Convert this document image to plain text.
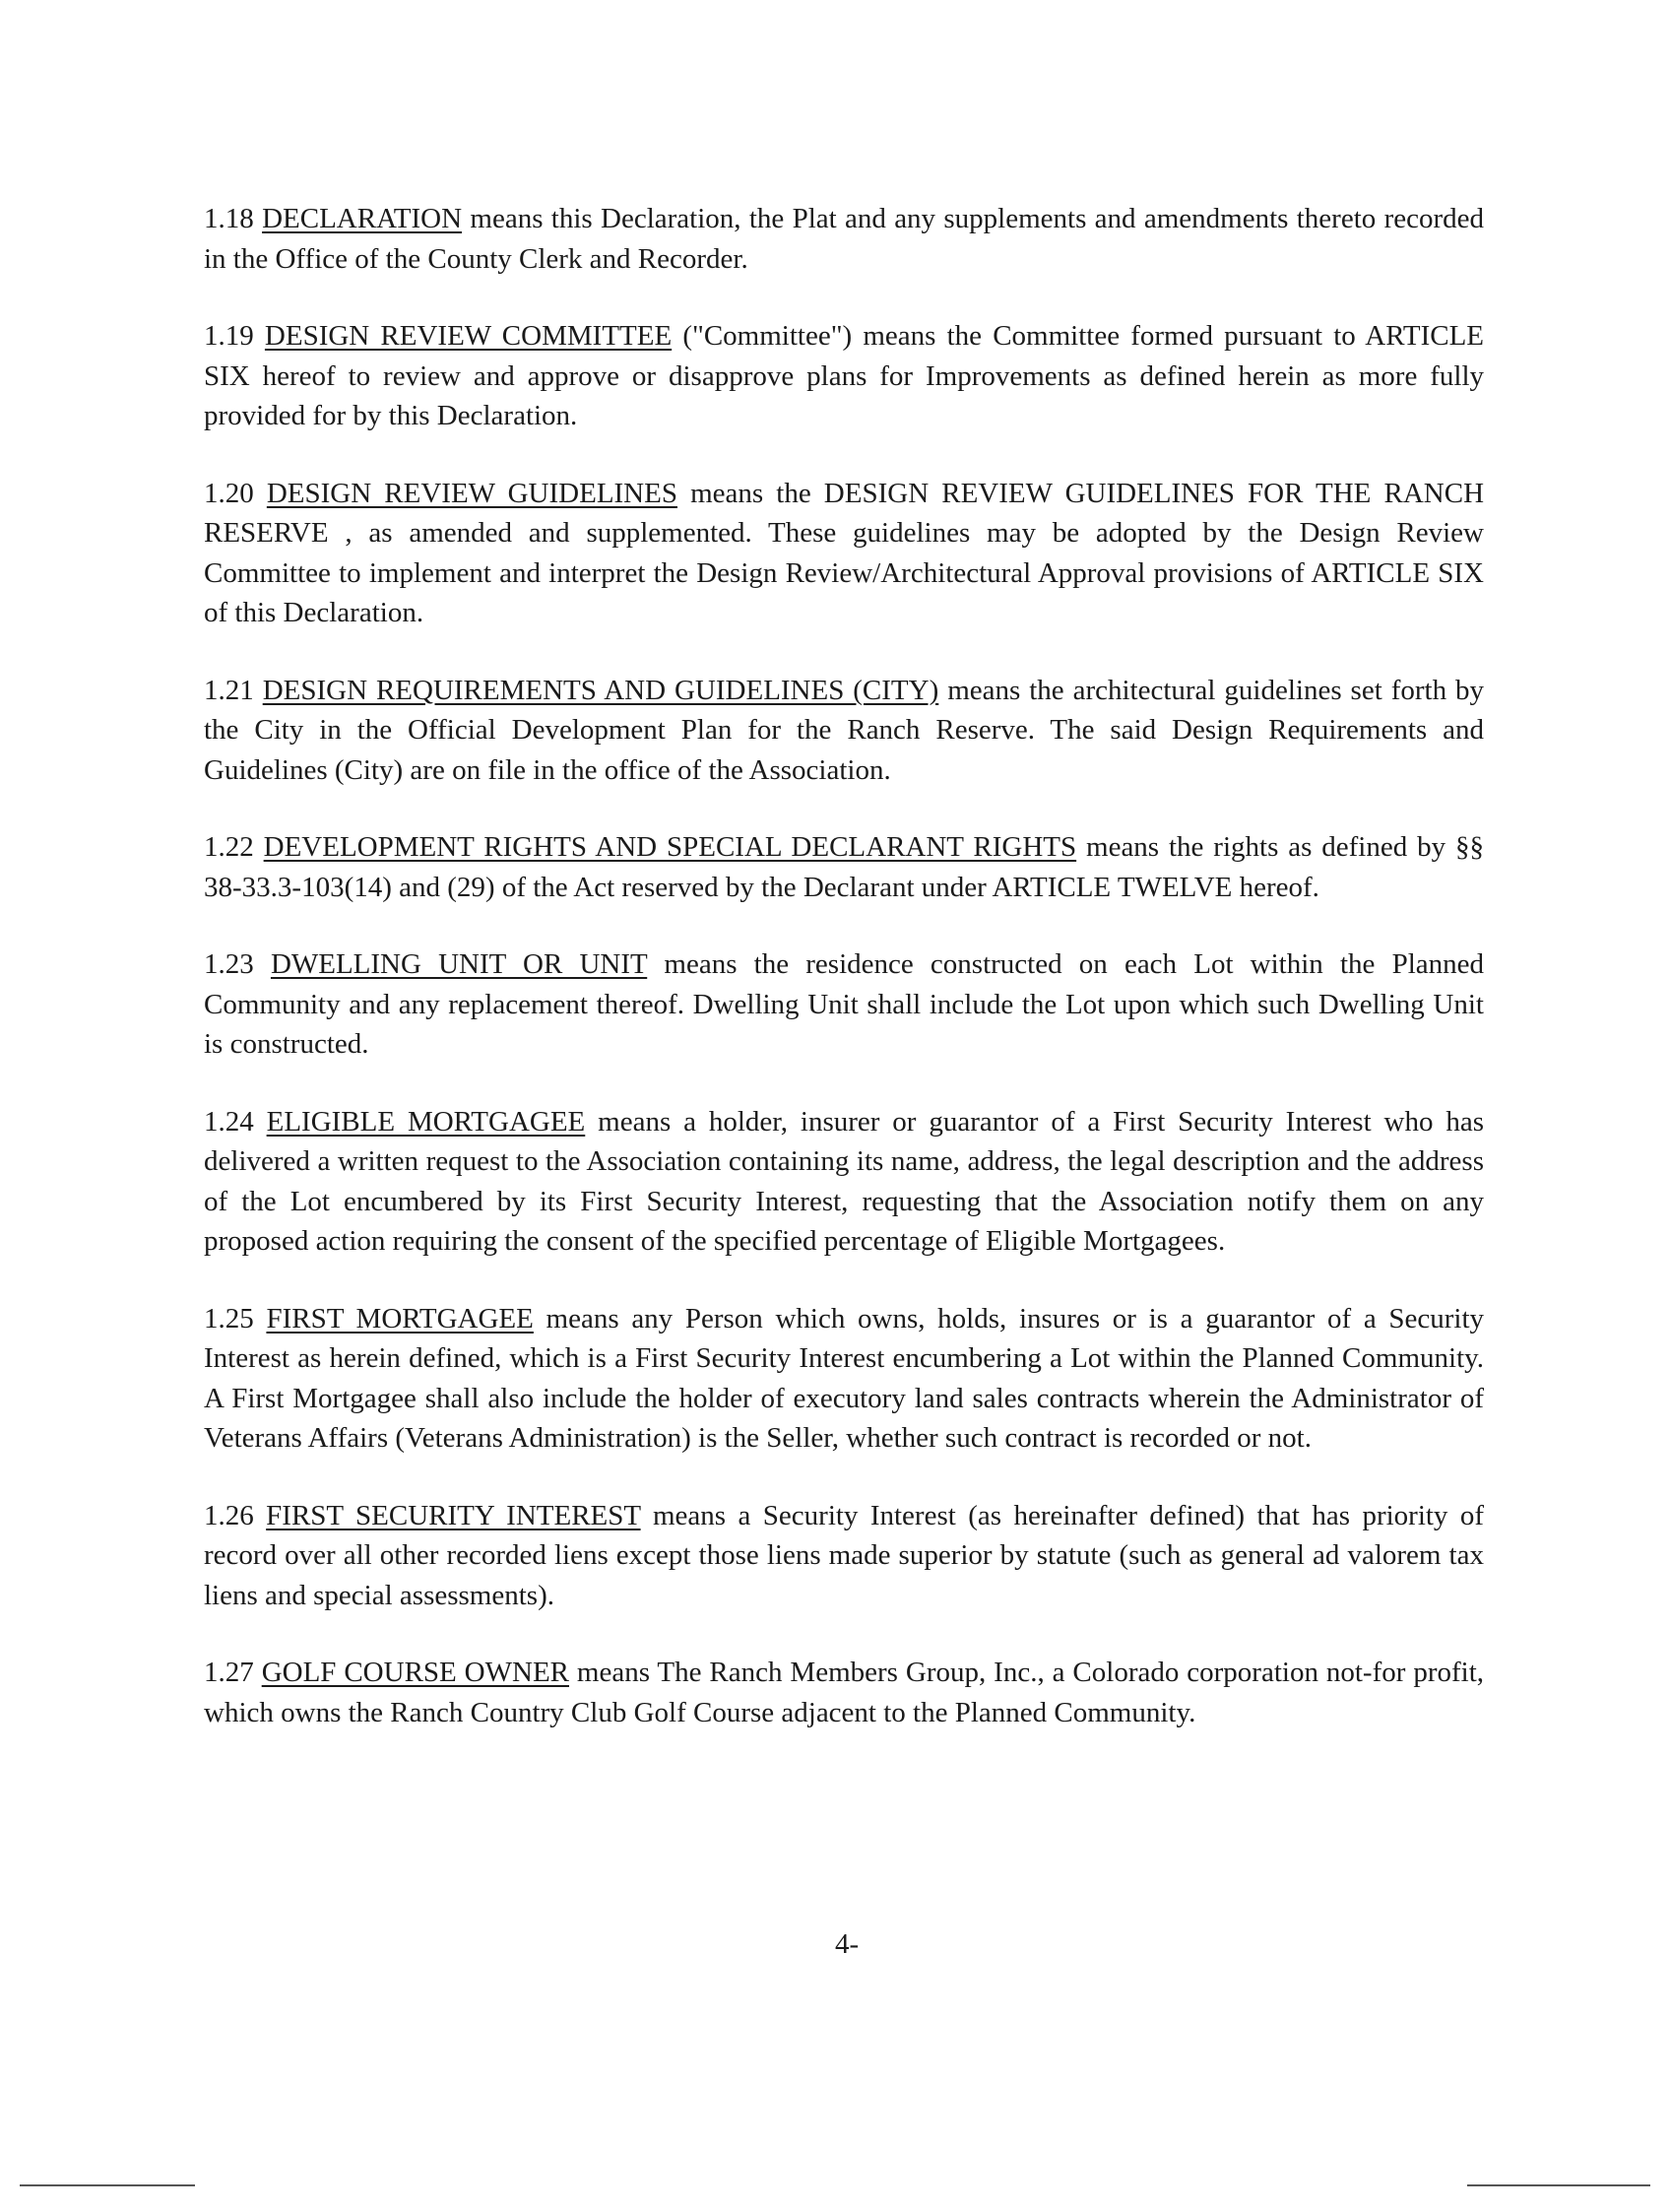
1.18 DECLARATION means this Declaration, the Plat and any supplements and amendments thereto recorded in the Office of the County Clerk and Recorder.

1.19 DESIGN REVIEW COMMITTEE ("Committee") means the Committee formed pursuant to ARTICLE SIX hereof to review and approve or disapprove plans for Improvements as defined herein as more fully provided for by this Declaration.

1.20 DESIGN REVIEW GUIDELINES means the DESIGN REVIEW GUIDELINES FOR THE RANCH RESERVE , as amended and supplemented. These guidelines may be adopted by the Design Review Committee to implement and interpret the Design Review/Architectural Approval provisions of ARTICLE SIX of this Declaration.

1.21 DESIGN REQUIREMENTS AND GUIDELINES (CITY) means the architectural guidelines set forth by the City in the Official Development Plan for the Ranch Reserve. The said Design Requirements and Guidelines (City) are on file in the office of the Association.

1.22 DEVELOPMENT RIGHTS AND SPECIAL DECLARANT RIGHTS means the rights as defined by §§ 38-33.3-103(14) and (29) of the Act reserved by the Declarant under ARTICLE TWELVE hereof.

1.23 DWELLING UNIT OR UNIT means the residence constructed on each Lot within the Planned Community and any replacement thereof. Dwelling Unit shall include the Lot upon which such Dwelling Unit is constructed.

1.24 ELIGIBLE MORTGAGEE means a holder, insurer or guarantor of a First Security Interest who has delivered a written request to the Association containing its name, address, the legal description and the address of the Lot encumbered by its First Security Interest, requesting that the Association notify them on any proposed action requiring the consent of the specified percentage of Eligible Mortgagees.

1.25 FIRST MORTGAGEE means any Person which owns, holds, insures or is a guarantor of a Security Interest as herein defined, which is a First Security Interest encumbering a Lot within the Planned Community. A First Mortgagee shall also include the holder of executory land sales contracts wherein the Administrator of Veterans Affairs (Veterans Administration) is the Seller, whether such contract is recorded or not.

1.26 FIRST SECURITY INTEREST means a Security Interest (as hereinafter defined) that has priority of record over all other recorded liens except those liens made superior by statute (such as general ad valorem tax liens and special assessments).

1.27 GOLF COURSE OWNER means The Ranch Members Group, Inc., a Colorado corporation not-for profit, which owns the Ranch Country Club Golf Course adjacent to the Planned Community.

4-
